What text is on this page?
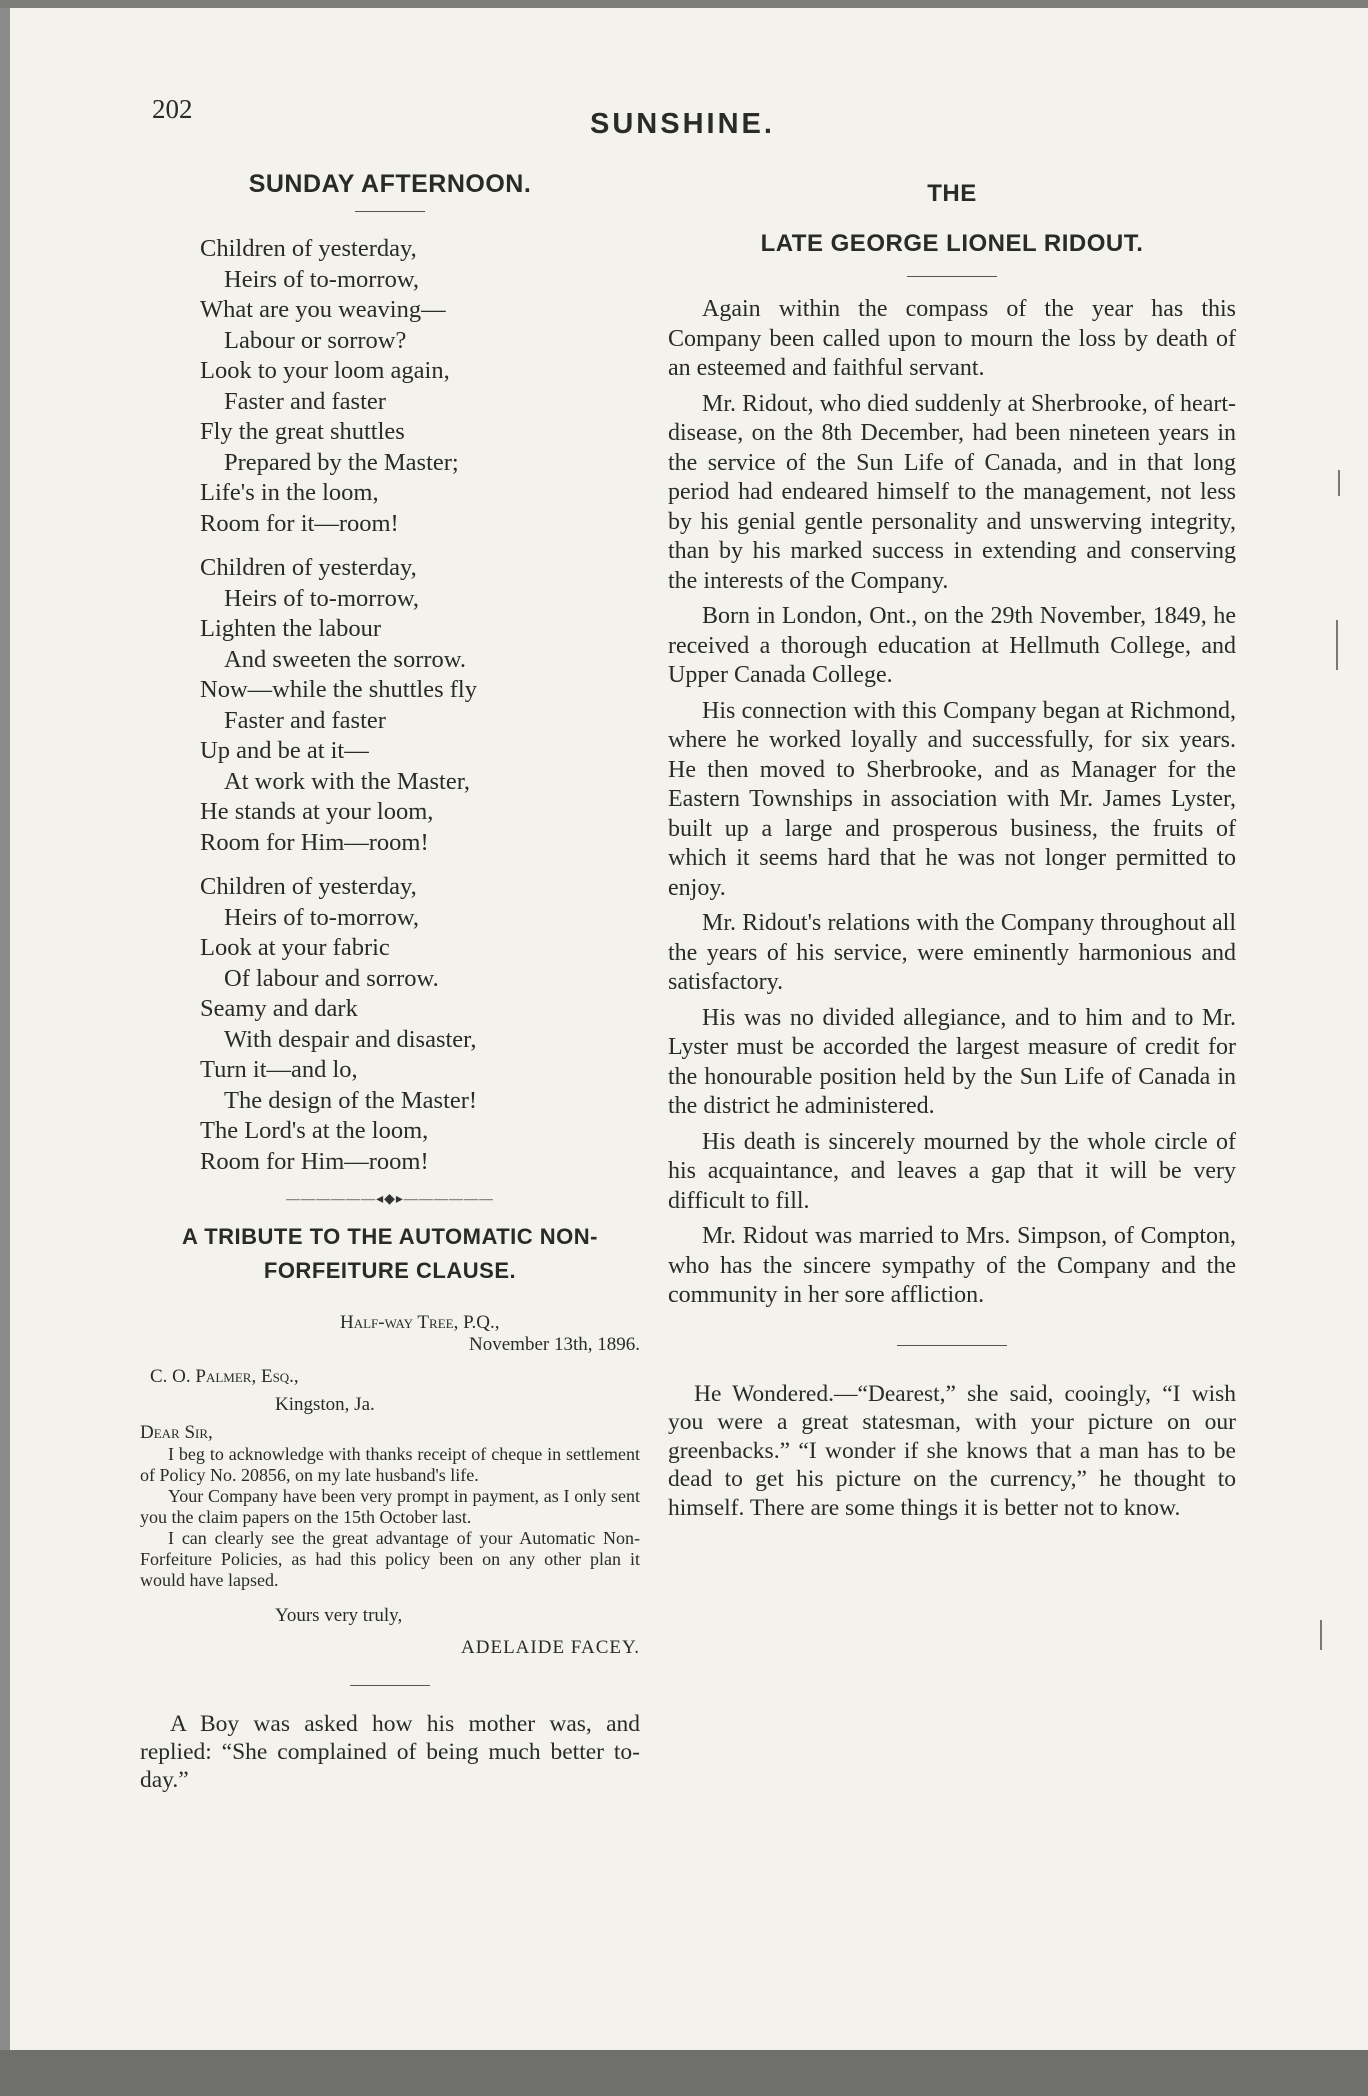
202	SUNSHINE.
SUNDAY AFTERNOON.
Children of yesterday,
Heirs of to-morrow,
What are you weaving—
Labour or sorrow?
Look to your loom again,
Faster and faster
Fly the great shuttles
Prepared by the Master;
Life's in the loom,
Room for it—room!
Children of yesterday,
Heirs of to-morrow,
Lighten the labour
And sweeten the sorrow.
Now—while the shuttles fly
Faster and faster
Up and be at it—
At work with the Master,
He stands at your loom,
Room for Him—room!
Children of yesterday,
Heirs of to-morrow,
Look at your fabric
Of labour and sorrow.
Seamy and dark
With despair and disaster,
Turn it—and lo,
The design of the Master!
The Lord's at the loom,
Room for Him—room!
——————◂◆▸——————
A TRIBUTE TO THE AUTOMATIC NON-
FORFEITURE CLAUSE.
Half-way Tree, P.Q.,
November 13th, 1896.
C. O. Palmer, Esq.,
Kingston, Ja.
Dear Sir,
I beg to acknowledge with thanks receipt of cheque in settlement of Policy No. 20856, on my late husband's life.
Your Company have been very prompt in payment, as I only sent you the claim papers on the 15th October last.
I can clearly see the great advantage of your Automatic Non-Forfeiture Policies, as had this policy been on any other plan it would have lapsed.
Yours very truly,
ADELAIDE FACEY.
A Boy was asked how his mother was, and replied: “She complained of being much better to-day.”
THE
LATE GEORGE LIONEL RIDOUT.
Again within the compass of the year has this Company been called upon to mourn the loss by death of an esteemed and faithful servant.
Mr. Ridout, who died suddenly at Sherbrooke, of heart-disease, on the 8th December, had been nineteen years in the service of the Sun Life of Canada, and in that long period had endeared himself to the management, not less by his genial gentle personality and unswerving integrity, than by his marked success in extending and conserving the interests of the Company.
Born in London, Ont., on the 29th November, 1849, he received a thorough education at Hellmuth College, and Upper Canada College.
His connection with this Company began at Richmond, where he worked loyally and successfully, for six years. He then moved to Sherbrooke, and as Manager for the Eastern Townships in association with Mr. James Lyster, built up a large and prosperous business, the fruits of which it seems hard that he was not longer permitted to enjoy.
Mr. Ridout's relations with the Company throughout all the years of his service, were eminently harmonious and satisfactory.
His was no divided allegiance, and to him and to Mr. Lyster must be accorded the largest measure of credit for the honourable position held by the Sun Life of Canada in the district he administered.
His death is sincerely mourned by the whole circle of his acquaintance, and leaves a gap that it will be very difficult to fill.
Mr. Ridout was married to Mrs. Simpson, of Compton, who has the sincere sympathy of the Company and the community in her sore affliction.
He Wondered.—“Dearest,” she said, cooingly, “I wish you were a great statesman, with your picture on our greenbacks.” “I wonder if she knows that a man has to be dead to get his picture on the currency,” he thought to himself. There are some things it is better not to know.
